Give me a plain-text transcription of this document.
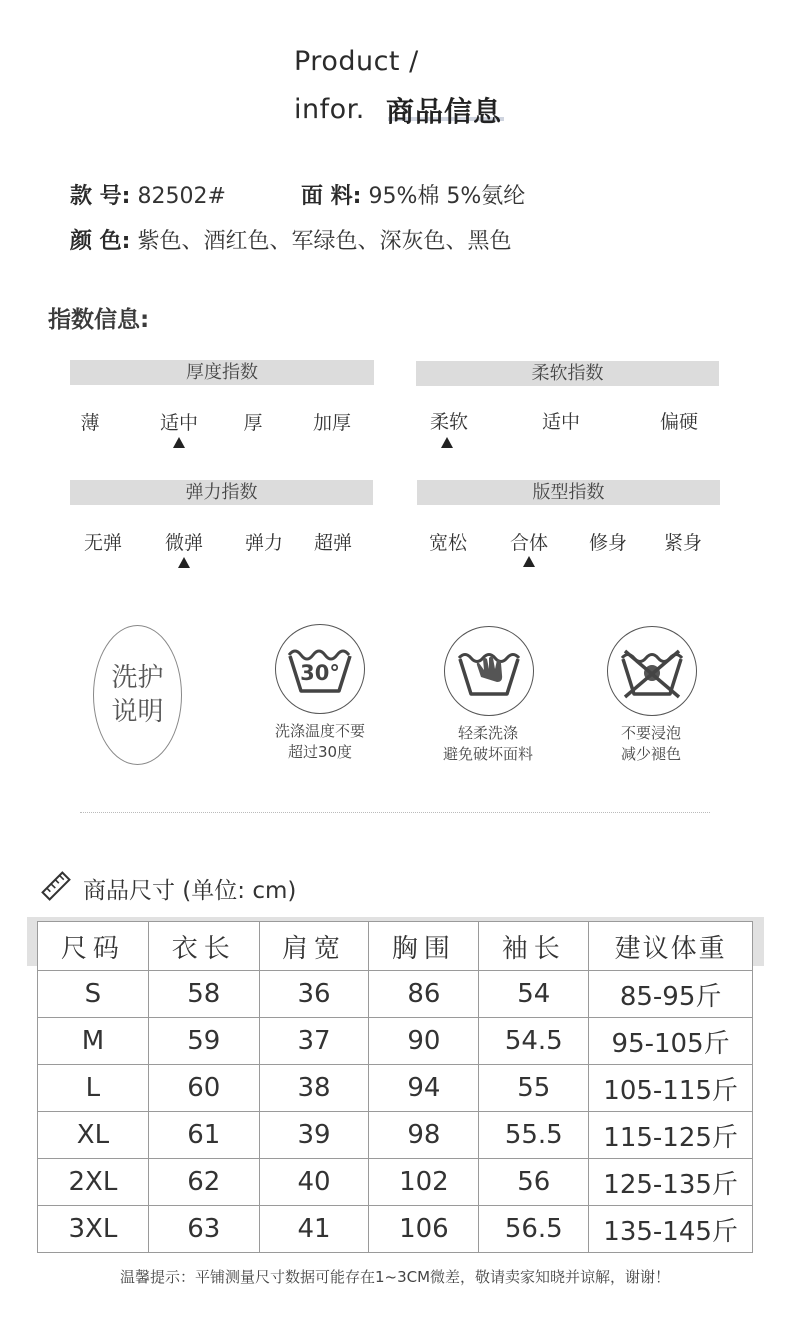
Product /
infor. 商品信息
款 号: 82502#	面 料: 95%棉 5%氨纶
颜 色: 紫色、酒红色、军绿色、深灰色、黑色
指数信息:
厚度指数
薄	适中	厚	加厚
柔软指数
柔软	适中	偏硬
弹力指数
无弹	微弹	弹力	超弹
版型指数
宽松	合体	修身	紧身
洗护
说明
30°
洗涤温度不要
超过30度
轻柔洗涤
避免破坏面料
不要浸泡
减少褪色
商品尺寸 (单位: cm)
尺码	衣长	肩宽	胸围	袖长	建议体重
S	58	36	86	54	85-95斤
M	59	37	90	54.5	95-105斤
L	60	38	94	55	105-115斤
XL	61	39	98	55.5	115-125斤
2XL	62	40	102	56	125-135斤
3XL	63	41	106	56.5	135-145斤
温馨提示：平铺测量尺寸数据可能存在1~3CM微差，敬请卖家知晓并谅解，谢谢！
